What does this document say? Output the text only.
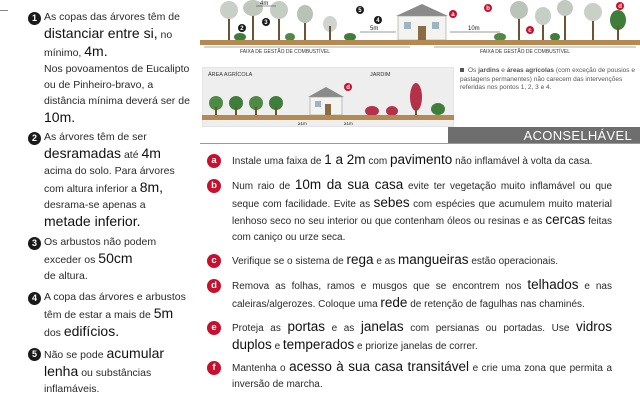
1 As copas das árvores têm de distanciar entre si, no mínimo, 4m.
Nos povoamentos de Eucalipto ou de Pinheiro-bravo, a distância mínima deverá ser de 10m.
2 As árvores têm de ser desramadas até 4m acima do solo. Para árvores com altura inferior a 8m, desrama-se apenas a metade inferior.
3 Os arbustos não podem exceder os 50cm
de altura.
4 A copa das árvores e arbustos têm de estar a mais de 5m dos edifícios.
5 Não se pode acumular lenha ou substâncias inflamáveis.
5m	10m
4m
3
2
4
5
a
b
c
d
FAIXA DE GESTÃO DE COMBUSTÍVEL	FAIXA DE GESTÃO DE COMBUSTÍVEL
ÁREA AGRÍCOLA	JARDIM
d
≥1m	≥1m
Os jardins e áreas agrícolas (com exceção de pousios e pastagens permanentes) não carecem das intervenções referidas nos pontos 1, 2, 3 e 4.
ACONSELHÁVEL
a	Instale uma faixa de 1 a 2m com pavimento não inflamável à volta da casa.
b	Num raio de 10m da sua casa evite ter vegetação muito inflamável ou que seque com facilidade. Evite as sebes com espécies que acumulem muito material lenhoso seco no seu interior ou que contenham óleos ou resinas e as cercas feitas com caniço ou urze seca.
c	Verifique se o sistema de rega e as mangueiras estão operacionais.
d	Remova as folhas, ramos e musgos que se encontrem nos telhados e nas caleiras/algerozes. Coloque uma rede de retenção de fagulhas nas chaminés.
e	Proteja as portas e as janelas com persianas ou portadas. Use vidros duplos e temperados e priorize janelas de correr.
f	Mantenha o acesso à sua casa transitável e crie uma zona que permita a inversão de marcha.
